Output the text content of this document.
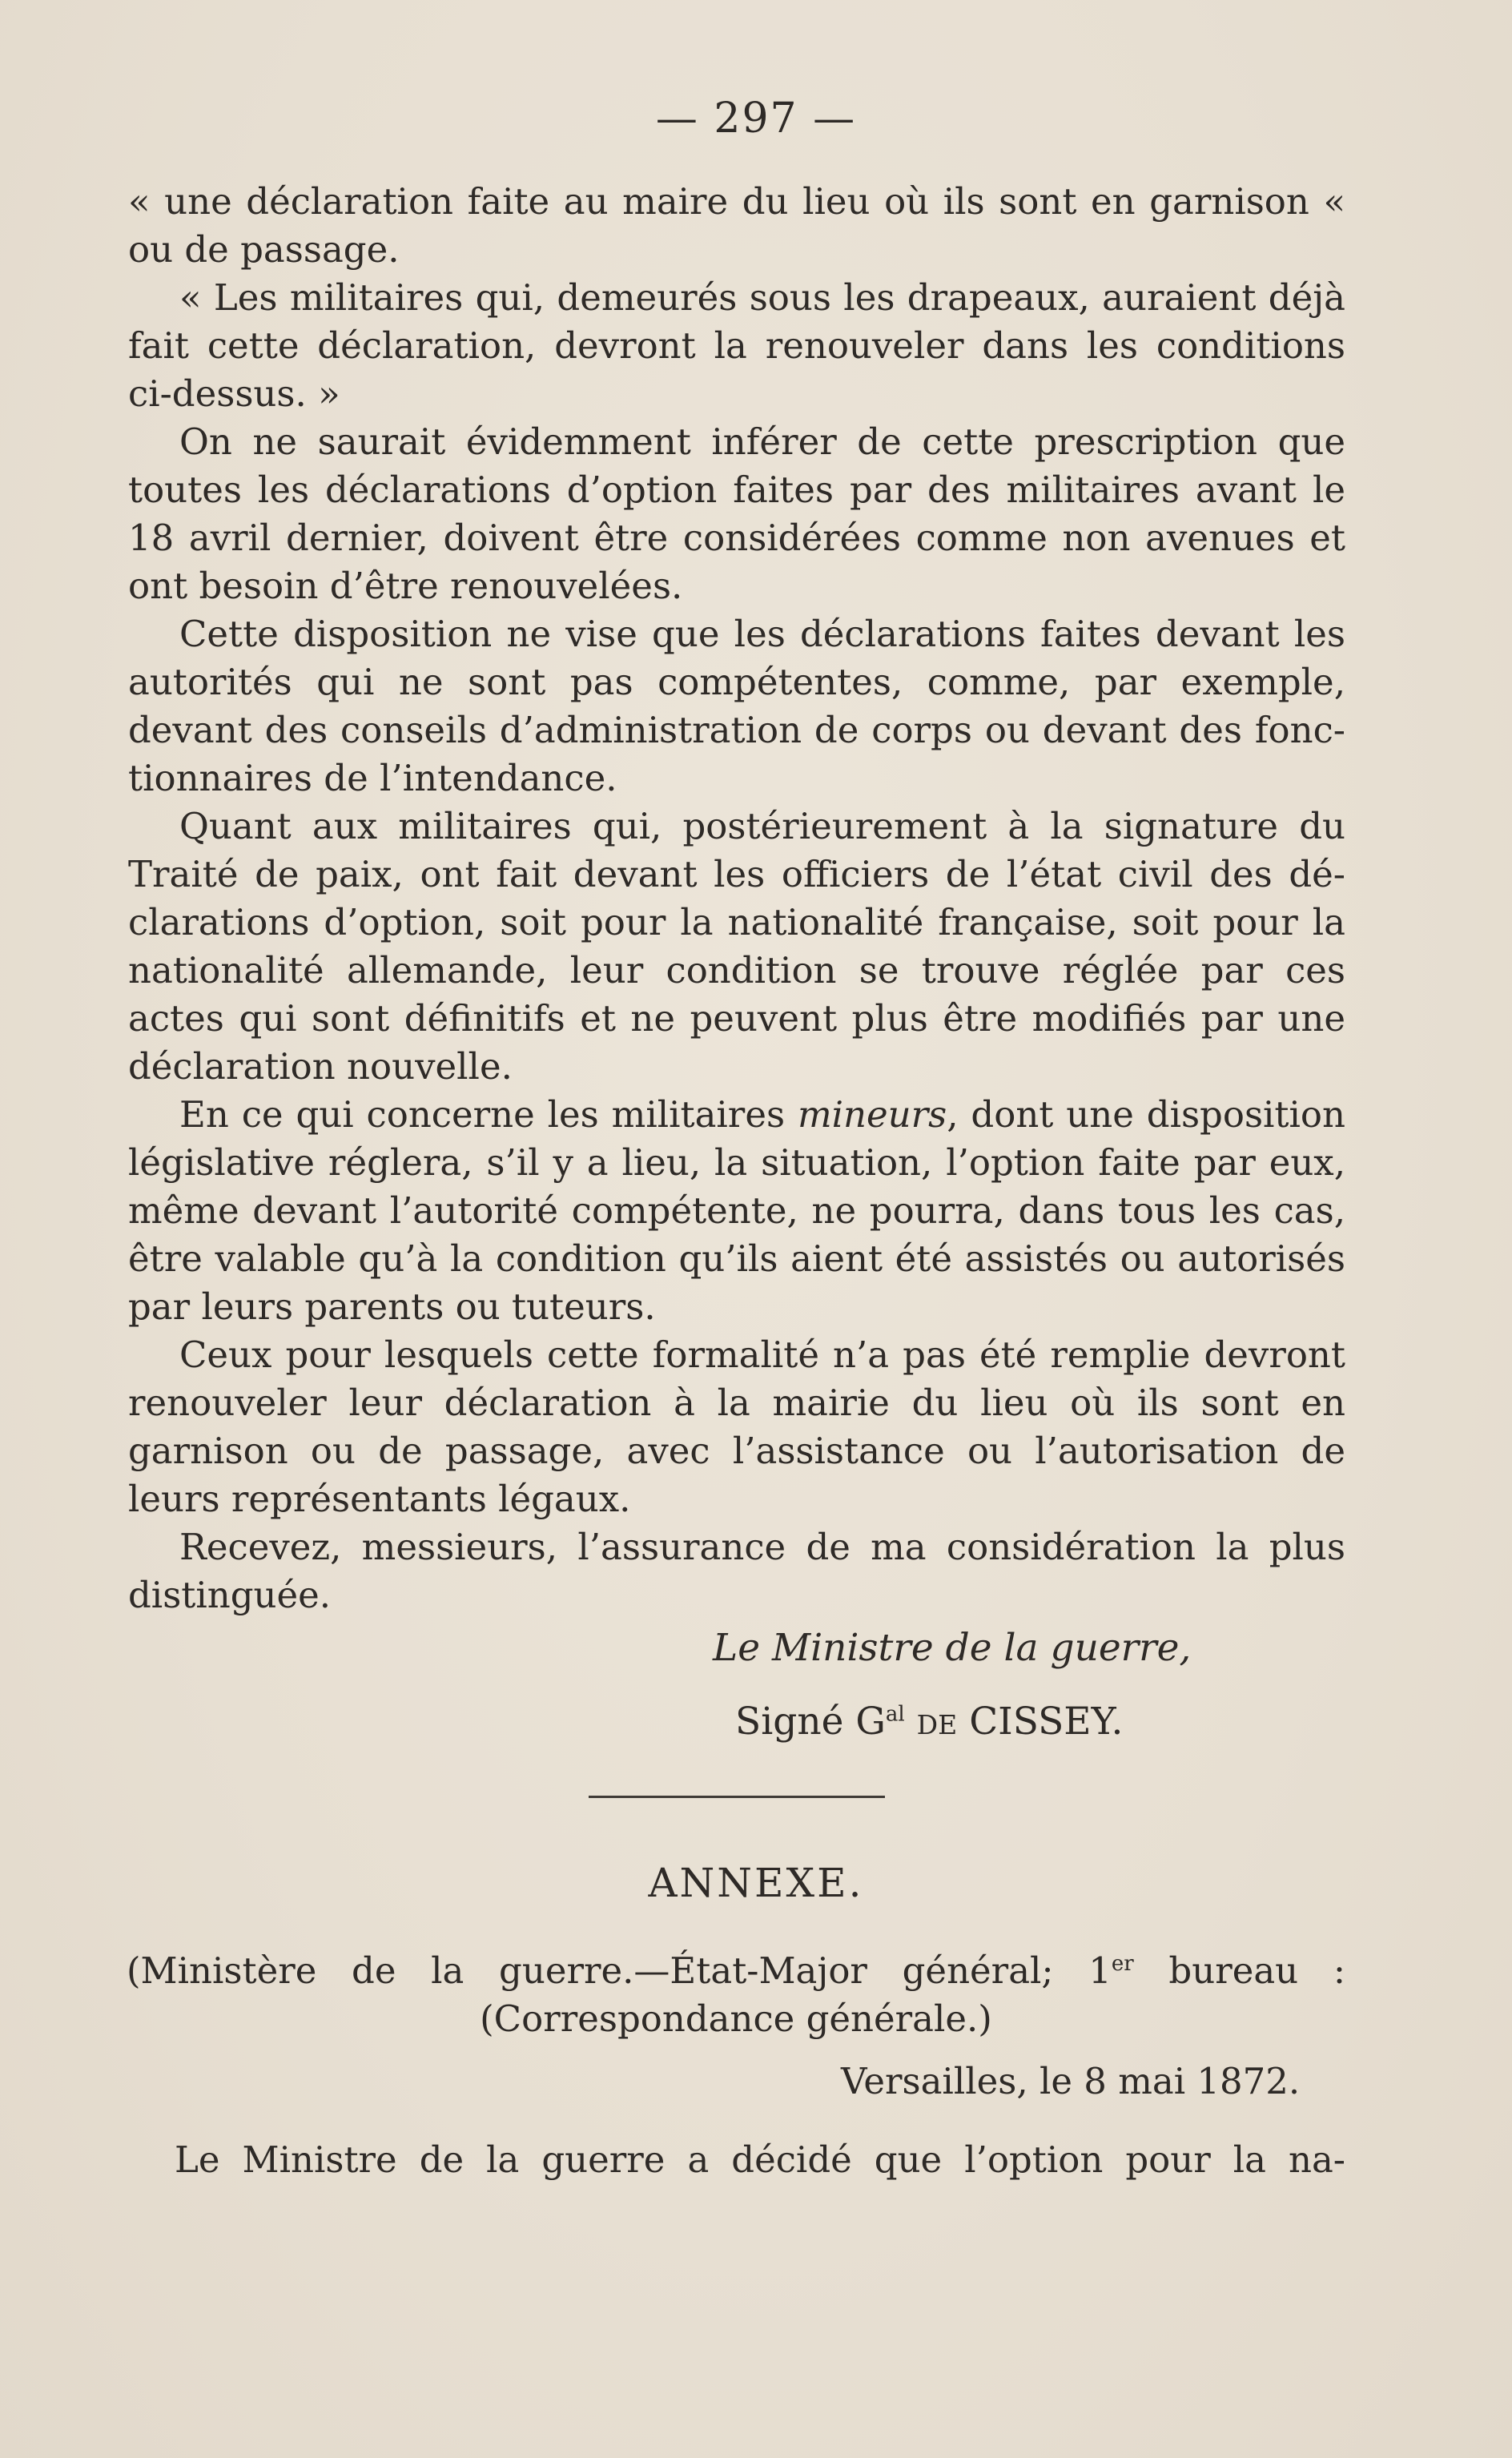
— 297 —

« une déclaration faite au maire du lieu où ils sont en garnison « ou de passage.

« Les militaires qui, demeurés sous les drapeaux, auraient déjà fait cette déclaration, devront la renouveler dans les conditions ci-dessus. »

On ne saurait évidemment inférer de cette prescription que toutes les déclarations d’option faites par des militaires avant le 18 avril dernier, doivent être considérées comme non avenues et ont besoin d’être renouvelées.

Cette disposition ne vise que les déclarations faites devant les autorités qui ne sont pas compétentes, comme, par exemple, devant des conseils d’administration de corps ou devant des fonctionnaires de l’intendance.

Quant aux militaires qui, postérieurement à la signature du Traité de paix, ont fait devant les officiers de l’état civil des déclarations d’option, soit pour la nationalité française, soit pour la nationalité allemande, leur condition se trouve réglée par ces actes qui sont définitifs et ne peuvent plus être modifiés par une déclaration nouvelle.

En ce qui concerne les militaires mineurs, dont une disposition législative réglera, s’il y a lieu, la situation, l’option faite par eux, même devant l’autorité compétente, ne pourra, dans tous les cas, être valable qu’à la condition qu’ils aient été assistés ou autorisés par leurs parents ou tuteurs.

Ceux pour lesquels cette formalité n’a pas été remplie devront renouveler leur déclaration à la mairie du lieu où ils sont en garnison ou de passage, avec l’assistance ou l’autorisation de leurs représentants légaux.

Recevez, messieurs, l’assurance de ma considération la plus distinguée.

Le Ministre de la guerre,
Signé $G^{al}$ de CISSEY.
ANNEXE.
(Ministère de la guerre.—État-Major général; 1er bureau :
(Correspondance générale.)
Versailles, le 8 mai 1872.
Le Ministre de la guerre a décidé que l’option pour la na-
